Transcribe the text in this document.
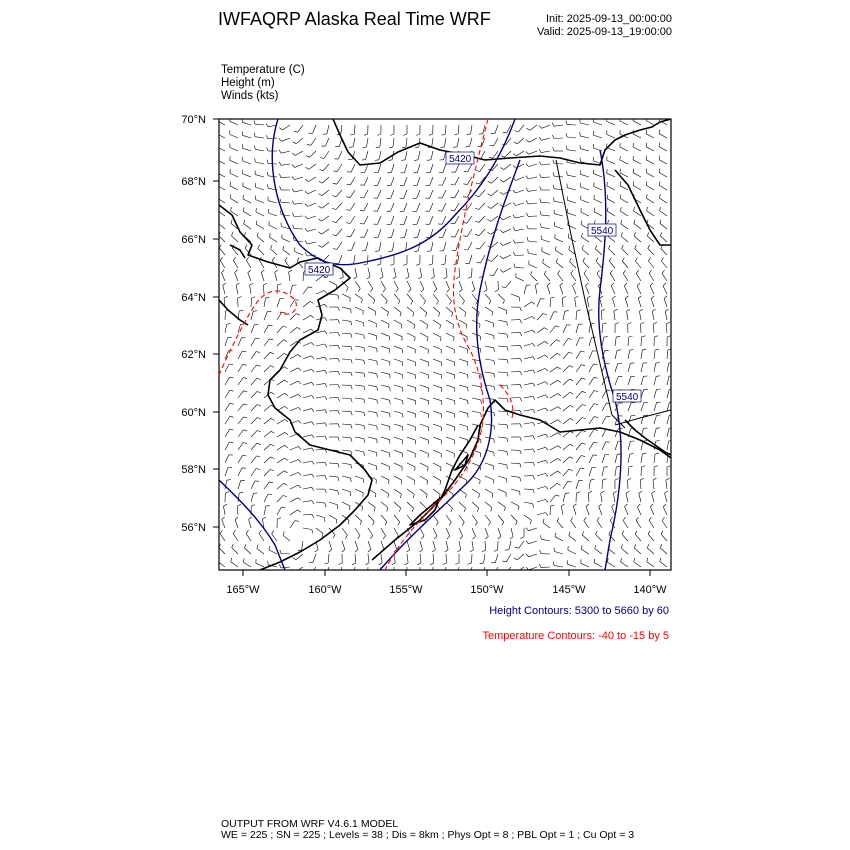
IWFAQRP Alaska Real Time WRF	Init: 2025-09-13_00:00:00
Valid: 2025-09-13_19:00:00
Temperature (C)
Height (m)
Winds (kts)
5420
5420
5540
5540
70°N
68°N
66°N
64°N
62°N
60°N
58°N
56°N
165°W	160°W	155°W	150°W	145°W	140°W
Height Contours: 5300 to 5660 by 60
Temperature Contours: -40 to -15 by 5
OUTPUT FROM WRF V4.6.1 MODEL
WE = 225 ; SN = 225 ; Levels = 38 ; Dis = 8km ; Phys Opt = 8 ; PBL Opt = 1 ; Cu Opt = 3
